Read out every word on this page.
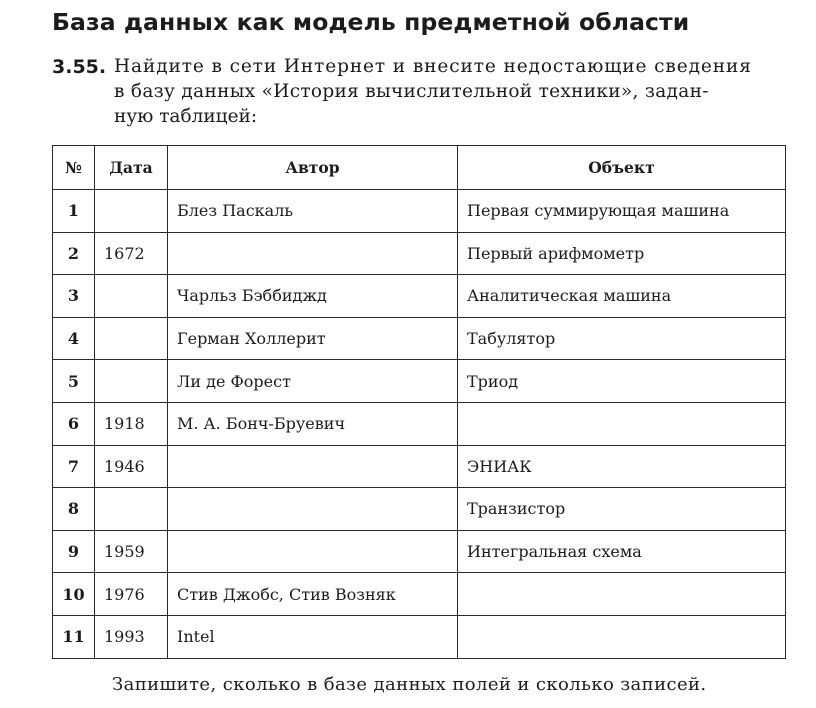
База данных как модель предметной области
3.55. Найдите в сети Интернет и внесите недостающие сведения
в базу данных «История вычислительной техники», задан-
ную таблицей:
№	Дата	Автор	Объект
1		Блез Паскаль	Первая суммирующая машина
2	1672		Первый арифмометр
3		Чарльз Бэббиджд	Аналитическая машина
4		Герман Холлерит	Табулятор
5		Ли де Форест	Триод
6	1918	М. А. Бонч-Бруевич	
7	1946		ЭНИАК
8			Транзистор
9	1959		Интегральная схема
10	1976	Стив Джобс, Стив Возняк	
11	1993	Intel	
Запишите, сколько в базе данных полей и сколько записей.
